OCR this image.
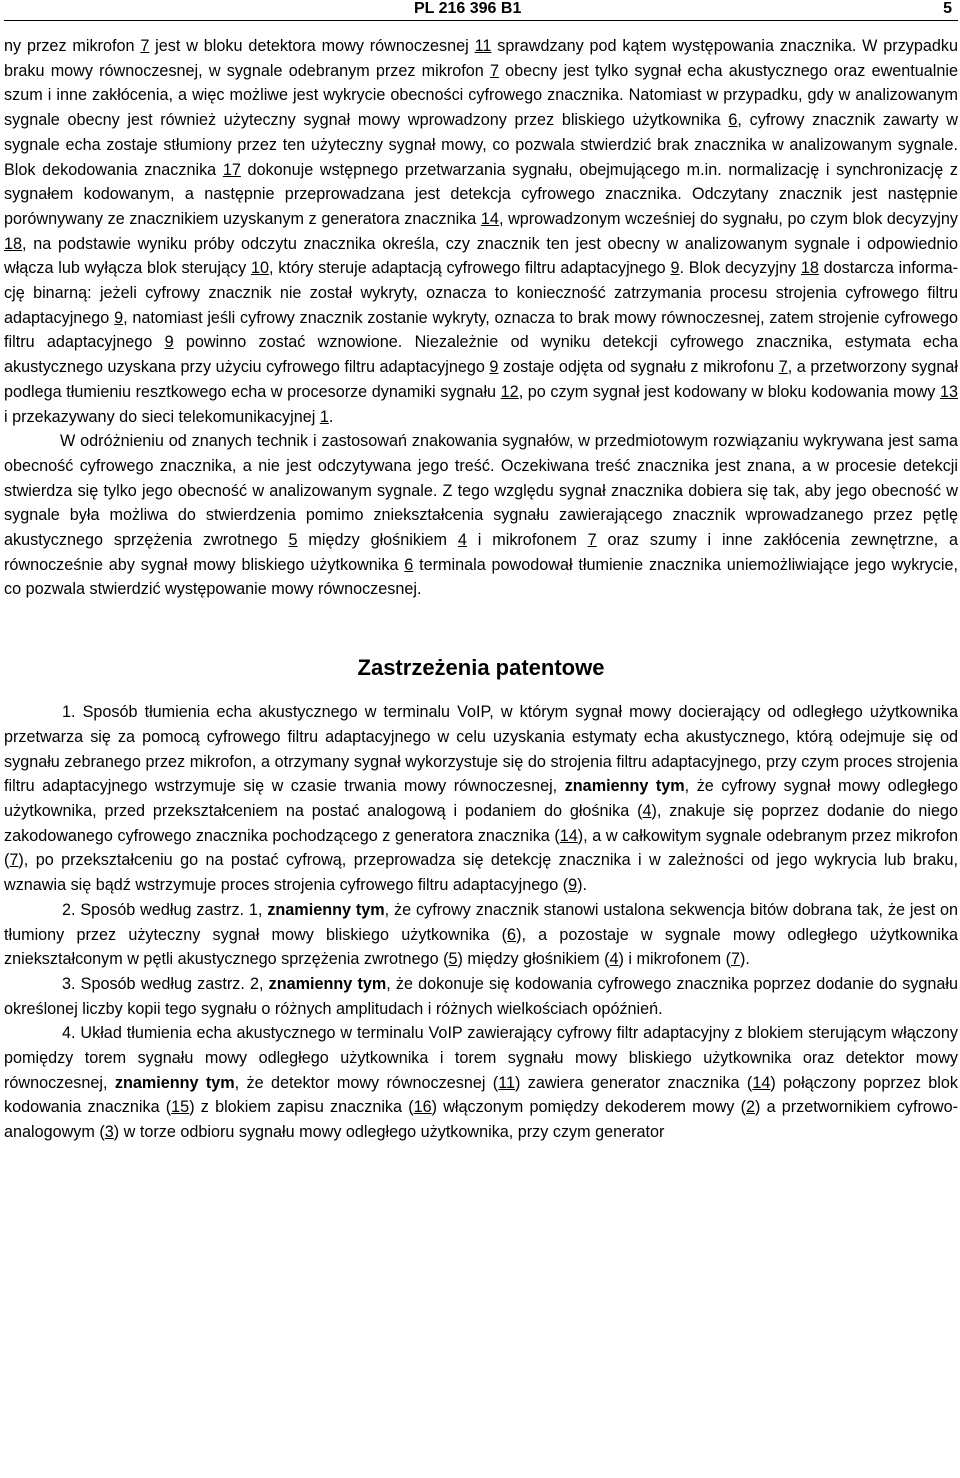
PL 216 396 B1	5

ny przez mikrofon 7 jest w bloku detektora mowy równoczesnej 11 sprawdzany pod kątem występowania znacznika. W przypadku braku mowy równoczesnej, w sygnale odebranym przez mikrofon 7 obecny jest tylko sygnał echa akustycznego oraz ewentualnie szum i inne zakłócenia, a więc możliwe jest wykrycie obecności cyfrowego znacznika. Natomiast w przypadku, gdy w analizowanym sygnale obecny jest również użyteczny sygnał mowy wprowadzony przez bliskiego użytkownika 6, cyfrowy znacznik zawarty w sygnale echa zostaje stłumiony przez ten użyteczny sygnał mowy, co pozwala stwierdzić brak znacznika w analizowanym sygnale. Blok dekodowania znacznika 17 dokonuje wstępnego przetwarzania sygnału, obejmującego m.in. normalizację i synchronizację z sygnałem kodowanym, a następnie przeprowadzana jest detekcja cyfrowego znacznika. Odczytany znacznik jest następnie porównywany ze znacznikiem uzyskanym z generatora znacznika 14, wprowadzonym wcześniej do sygnału, po czym blok decyzyjny 18, na podstawie wyniku próby odczytu znacznika określa, czy znacznik ten jest obecny w analizowanym sygnale i odpowiednio włącza lub wyłącza blok sterujący 10, który steruje adaptacją cyfrowego filtru adaptacyjnego 9. Blok decyzyjny 18 dostarcza informację binarną: jeżeli cyfrowy znacznik nie został wykryty, oznacza to konieczność zatrzymania procesu strojenia cyfrowego filtru adaptacyjnego 9, natomiast jeśli cyfrowy znacznik zostanie wykryty, oznacza to brak mowy równoczesnej, zatem strojenie cyfrowego filtru adaptacyjnego 9 powinno zostać wznowione. Niezależnie od wyniku detekcji cyfrowego znacznika, estymata echa akustycznego uzyskana przy użyciu cyfrowego filtru adaptacyjnego 9 zostaje odjęta od sygnału z mikrofonu 7, a przetworzony sygnał podlega tłumieniu resztkowego echa w procesorze dynamiki sygnału 12, po czym sygnał jest kodowany w bloku kodowania mowy 13 i przekazywany do sieci telekomunikacyjnej 1.

W odróżnieniu od znanych technik i zastosowań znakowania sygnałów, w przedmiotowym rozwiązaniu wykrywana jest sama obecność cyfrowego znacznika, a nie jest odczytywana jego treść. Oczekiwana treść znacznika jest znana, a w procesie detekcji stwierdza się tylko jego obecność w analizowanym sygnale. Z tego względu sygnał znacznika dobiera się tak, aby jego obecność w sygnale była możliwa do stwierdzenia pomimo zniekształcenia sygnału zawierającego znacznik wprowadzanego przez pętlę akustycznego sprzężenia zwrotnego 5 między głośnikiem 4 i mikrofonem 7 oraz szumy i inne zakłócenia zewnętrzne, a równocześnie aby sygnał mowy bliskiego użytkownika 6 terminala powodował tłumienie znacznika uniemożliwiające jego wykrycie, co pozwala stwierdzić występowanie mowy równoczesnej.

Zastrzeżenia patentowe

1. Sposób tłumienia echa akustycznego w terminalu VoIP, w którym sygnał mowy docierający od odległego użytkownika przetwarza się za pomocą cyfrowego filtru adaptacyjnego w celu uzyskania estymaty echa akustycznego, którą odejmuje się od sygnału zebranego przez mikrofon, a otrzymany sygnał wykorzystuje się do strojenia filtru adaptacyjnego, przy czym proces strojenia filtru adaptacyjnego wstrzymuje się w czasie trwania mowy równoczesnej, znamienny tym, że cyfrowy sygnał mowy odległego użytkownika, przed przekształceniem na postać analogową i podaniem do głośnika (4), znakuje się poprzez dodanie do niego zakodowanego cyfrowego znacznika pochodzącego z generatora znacznika (14), a w całkowitym sygnale odebranym przez mikrofon (7), po przekształceniu go na postać cyfrową, przeprowadza się detekcję znacznika i w zależności od jego wykrycia lub braku, wznawia się bądź wstrzymuje proces strojenia cyfrowego filtru adaptacyjnego (9).

2. Sposób według zastrz. 1, znamienny tym, że cyfrowy znacznik stanowi ustalona sekwencja bitów dobrana tak, że jest on tłumiony przez użyteczny sygnał mowy bliskiego użytkownika (6), a pozostaje w sygnale mowy odległego użytkownika zniekształconym w pętli akustycznego sprzężenia zwrotnego (5) między głośnikiem (4) i mikrofonem (7).

3. Sposób według zastrz. 2, znamienny tym, że dokonuje się kodowania cyfrowego znacznika poprzez dodanie do sygnału określonej liczby kopii tego sygnału o różnych amplitudach i różnych wielkościach opóźnień.

4. Układ tłumienia echa akustycznego w terminalu VoIP zawierający cyfrowy filtr adaptacyjny z blokiem sterującym włączony pomiędzy torem sygnału mowy odległego użytkownika i torem sygnału mowy bliskiego użytkownika oraz detektor mowy równoczesnej, znamienny tym, że detektor mowy równoczesnej (11) zawiera generator znacznika (14) połączony poprzez blok kodowania znacznika (15) z blokiem zapisu znacznika (16) włączonym pomiędzy dekoderem mowy (2) a przetwornikiem cyfrowo-analogowym (3) w torze odbioru sygnału mowy odległego użytkownika, przy czym generator
